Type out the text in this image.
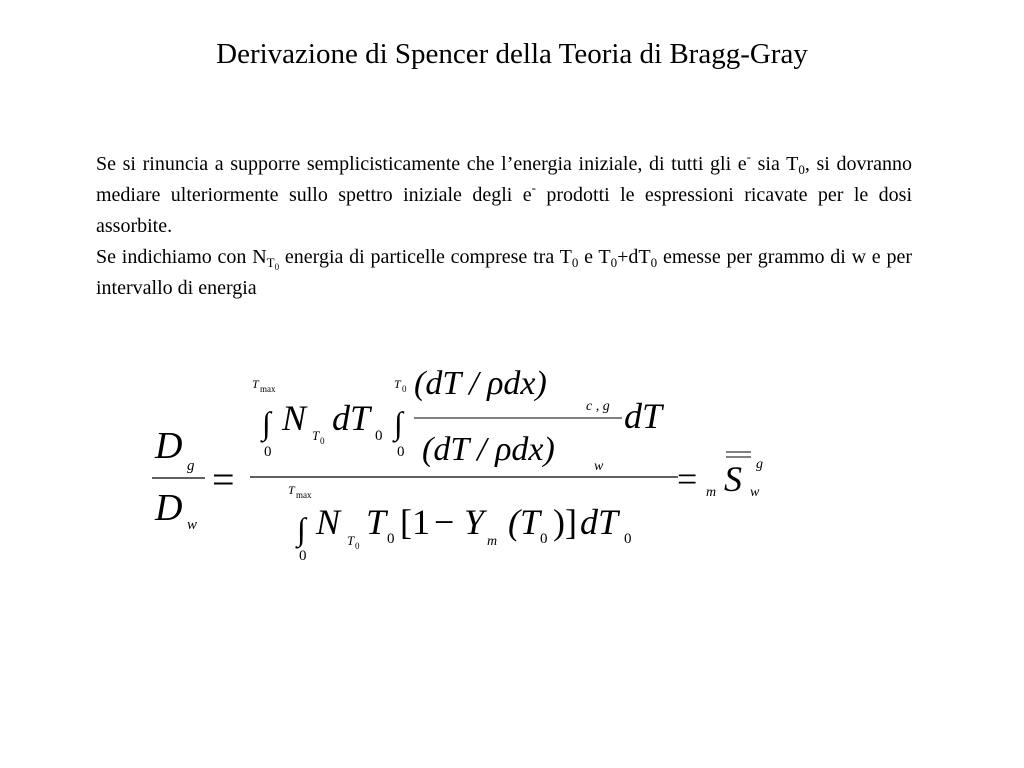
Derivazione di Spencer della Teoria di Bragg-Gray
Se si rinuncia a supporre semplicisticamente che l’energia iniziale, di tutti gli e- sia $T_0$, si dovranno mediare ulteriormente sullo spettro iniziale degli e- prodotti le espressioni ricavate per le dosi assorbite.
Se indichiamo con $N_{T_0}$ energia di particelle comprese tra $T_0$ e $T_0+dT_0$ emesse per grammo di w e per intervallo di energia
D g
D w
=
T max
∫
0
N T 0
dT 0
T 0
∫
0
(dT / ρdx)
c , g
(dT / ρdx)	w
dT
T max
∫
0
N T 0
T 0 [1 − Y m (T 0 )] dT 0
= m S g
w
